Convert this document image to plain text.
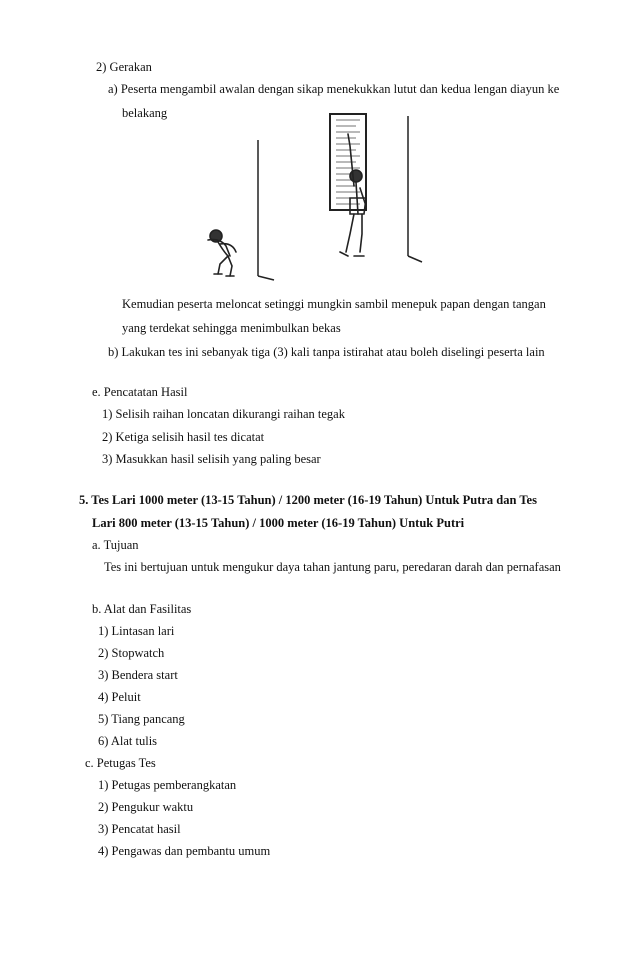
2) Gerakan
a) Peserta mengambil awalan dengan sikap menekukkan lutut dan kedua lengan diayun ke
belakang
Kemudian peserta meloncat setinggi mungkin sambil menepuk papan dengan tangan
yang terdekat sehingga menimbulkan bekas
b) Lakukan tes ini sebanyak tiga (3) kali tanpa istirahat atau boleh diselingi peserta lain
e. Pencatatan Hasil
1) Selisih raihan loncatan dikurangi raihan tegak
2) Ketiga selisih hasil tes dicatat
3) Masukkan hasil selisih yang paling besar
5. Tes Lari 1000 meter (13-15 Tahun) / 1200 meter (16-19 Tahun) Untuk Putra dan Tes
Lari 800 meter (13-15 Tahun) / 1000 meter (16-19 Tahun) Untuk Putri
a. Tujuan
Tes ini bertujuan untuk mengukur daya tahan jantung paru, peredaran darah dan pernafasan
b. Alat dan Fasilitas
1) Lintasan lari
2) Stopwatch
3) Bendera start
4) Peluit
5) Tiang pancang
6) Alat tulis
c. Petugas Tes
1) Petugas pemberangkatan
2) Pengukur waktu
3) Pencatat hasil
4) Pengawas dan pembantu umum
